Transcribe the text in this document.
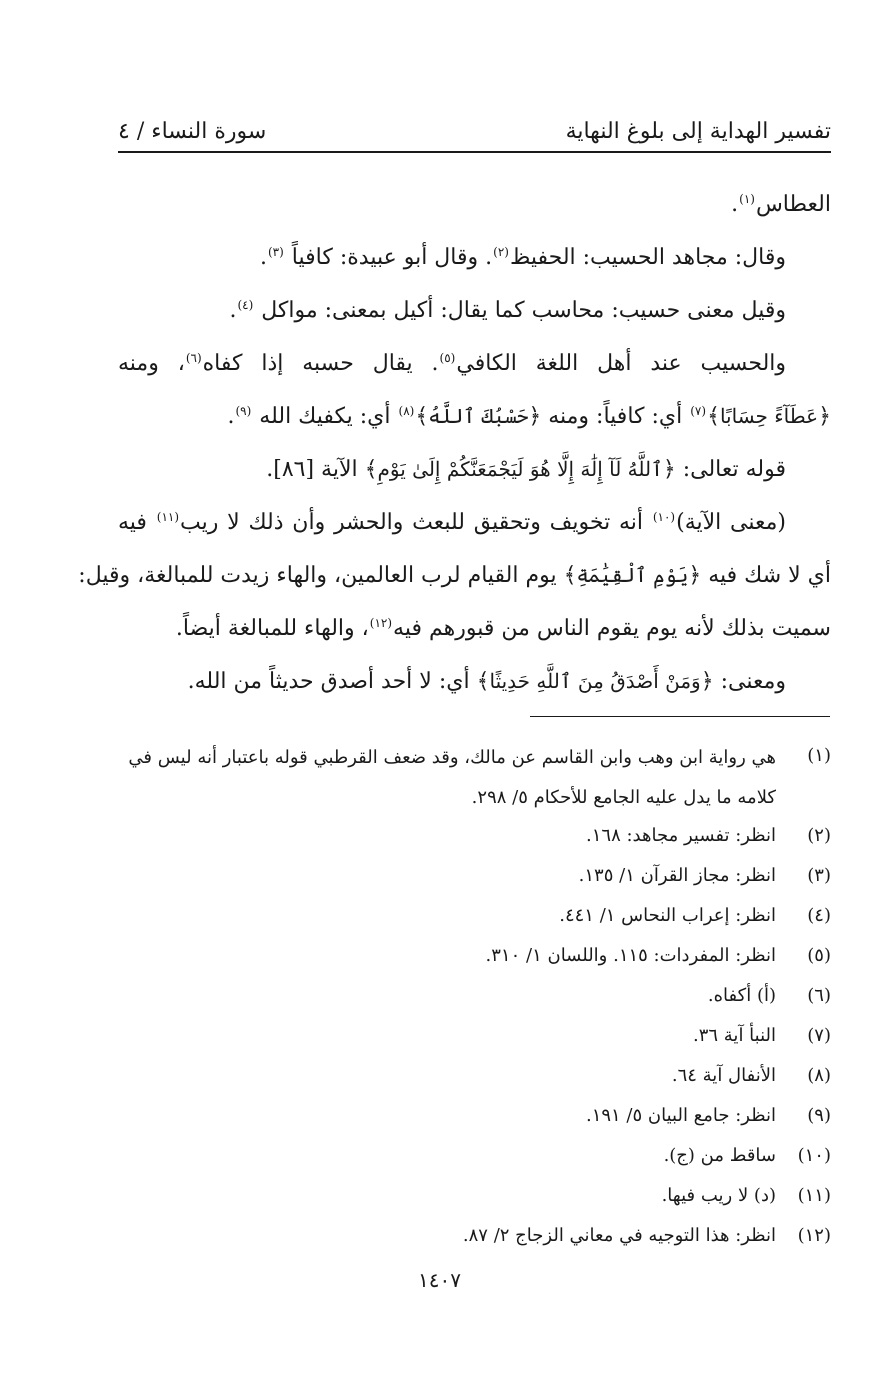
تفسير الهداية إلى بلوغ النهاية
سورة النساء / ٤
العطاس$^{(١)}$.
وقال: مجاهد الحسيب: الحفيظ$^{(٢)}$. وقال أبو عبيدة: كافياً $^{(٣)}$.
وقيل معنى حسيب: محاسب كما يقال: أكيل بمعنى: مواكل $^{(٤)}$.
والحسيب عند أهل اللغة الكافي$^{(٥)}$. يقال حسبه إذا كفاه$^{(٦)}$، ومنه
﴿عَطَآءً حِسَابًا﴾$^{(٧)}$ أي: كافياً: ومنه ﴿حَسْبُكَ ٱللَّهُ﴾$^{(٨)}$ أي: يكفيك الله $^{(٩)}$.
قوله تعالى: ﴿ٱللَّهُ لَآ إِلَٰهَ إِلَّا هُوَ لَيَجْمَعَنَّكُمْ إِلَىٰ يَوْمِ﴾ الآية [٨٦].
(معنى الآية)$^{(١٠)}$ أنه تخويف وتحقيق للبعث والحشر وأن ذلك لا ريب$^{(١١)}$ فيه
أي لا شك فيه ﴿يَوْمِ ٱلْقِيَٰمَةِ﴾ يوم القيام لرب العالمين، والهاء زيدت للمبالغة، وقيل:
سميت بذلك لأنه يوم يقوم الناس من قبورهم فيه$^{(١٢)}$، والهاء للمبالغة أيضاً.
ومعنى: ﴿وَمَنْ أَصْدَقُ مِنَ ٱللَّهِ حَدِيثًا﴾ أي: لا أحد أصدق حديثاً من الله.
(١)
هي رواية ابن وهب وابن القاسم عن مالك، وقد ضعف القرطبي قوله باعتبار أنه ليس في كلامه ما يدل عليه الجامع للأحكام ٥/ ٢٩٨.
(٢)
انظر: تفسير مجاهد: ١٦٨.
(٣)
انظر: مجاز القرآن ١/ ١٣٥.
(٤)
انظر: إعراب النحاس ١/ ٤٤١.
(٥)
انظر: المفردات: ١١٥. واللسان ١/ ٣١٠.
(٦)
(أ) أكفاه.
(٧)
النبأ آية ٣٦.
(٨)
الأنفال آية ٦٤.
(٩)
انظر: جامع البيان ٥/ ١٩١.
(١٠)
ساقط من (ج).
(١١)
(د) لا ريب فيها.
(١٢)
انظر: هذا التوجيه في معاني الزجاج ٢/ ٨٧.
١٤٠٧
